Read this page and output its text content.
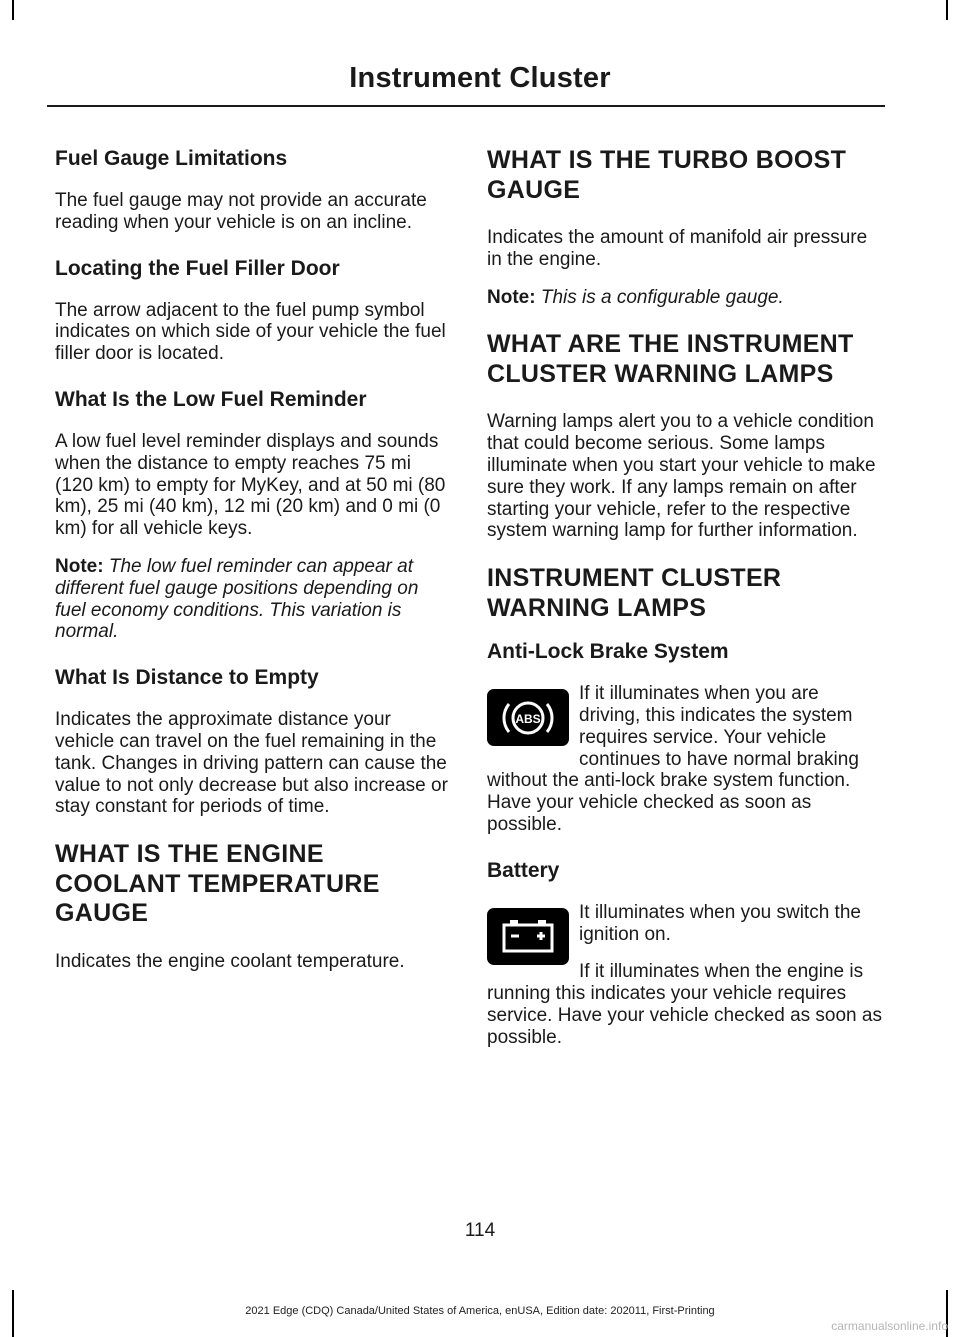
Instrument Cluster
Fuel Gauge Limitations

The fuel gauge may not provide an accurate reading when your vehicle is on an incline.

Locating the Fuel Filler Door

The arrow adjacent to the fuel pump symbol indicates on which side of your vehicle the fuel filler door is located.

What Is the Low Fuel Reminder

A low fuel level reminder displays and sounds when the distance to empty reaches 75 mi (120 km) to empty for MyKey, and at 50 mi (80 km), 25 mi (40 km), 12 mi (20 km) and 0 mi (0 km) for all vehicle keys.

Note: The low fuel reminder can appear at different fuel gauge positions depending on fuel economy conditions. This variation is normal.

What Is Distance to Empty

Indicates the approximate distance your vehicle can travel on the fuel remaining in the tank. Changes in driving pattern can cause the value to not only decrease but also increase or stay constant for periods of time.

WHAT IS THE ENGINE COOLANT TEMPERATURE GAUGE

Indicates the engine coolant temperature.

WHAT IS THE TURBO BOOST GAUGE

Indicates the amount of manifold air pressure in the engine.

Note: This is a configurable gauge.

WHAT ARE THE INSTRUMENT CLUSTER WARNING LAMPS

Warning lamps alert you to a vehicle condition that could become serious. Some lamps illuminate when you start your vehicle to make sure they work. If any lamps remain on after starting your vehicle, refer to the respective system warning lamp for further information.

INSTRUMENT CLUSTER WARNING LAMPS
Anti-Lock Brake System
ABS

If it illuminates when you are driving, this indicates the system requires service. Your vehicle continues to have normal braking without the anti-lock brake system function. Have your vehicle checked as soon as possible.

Battery

It illuminates when you switch the ignition on.

If it illuminates when the engine is running this indicates your vehicle requires service. Have your vehicle checked as soon as possible.

114
2021 Edge (CDQ) Canada/United States of America, enUSA, Edition date: 202011, First-Printing
carmanualsonline.info
